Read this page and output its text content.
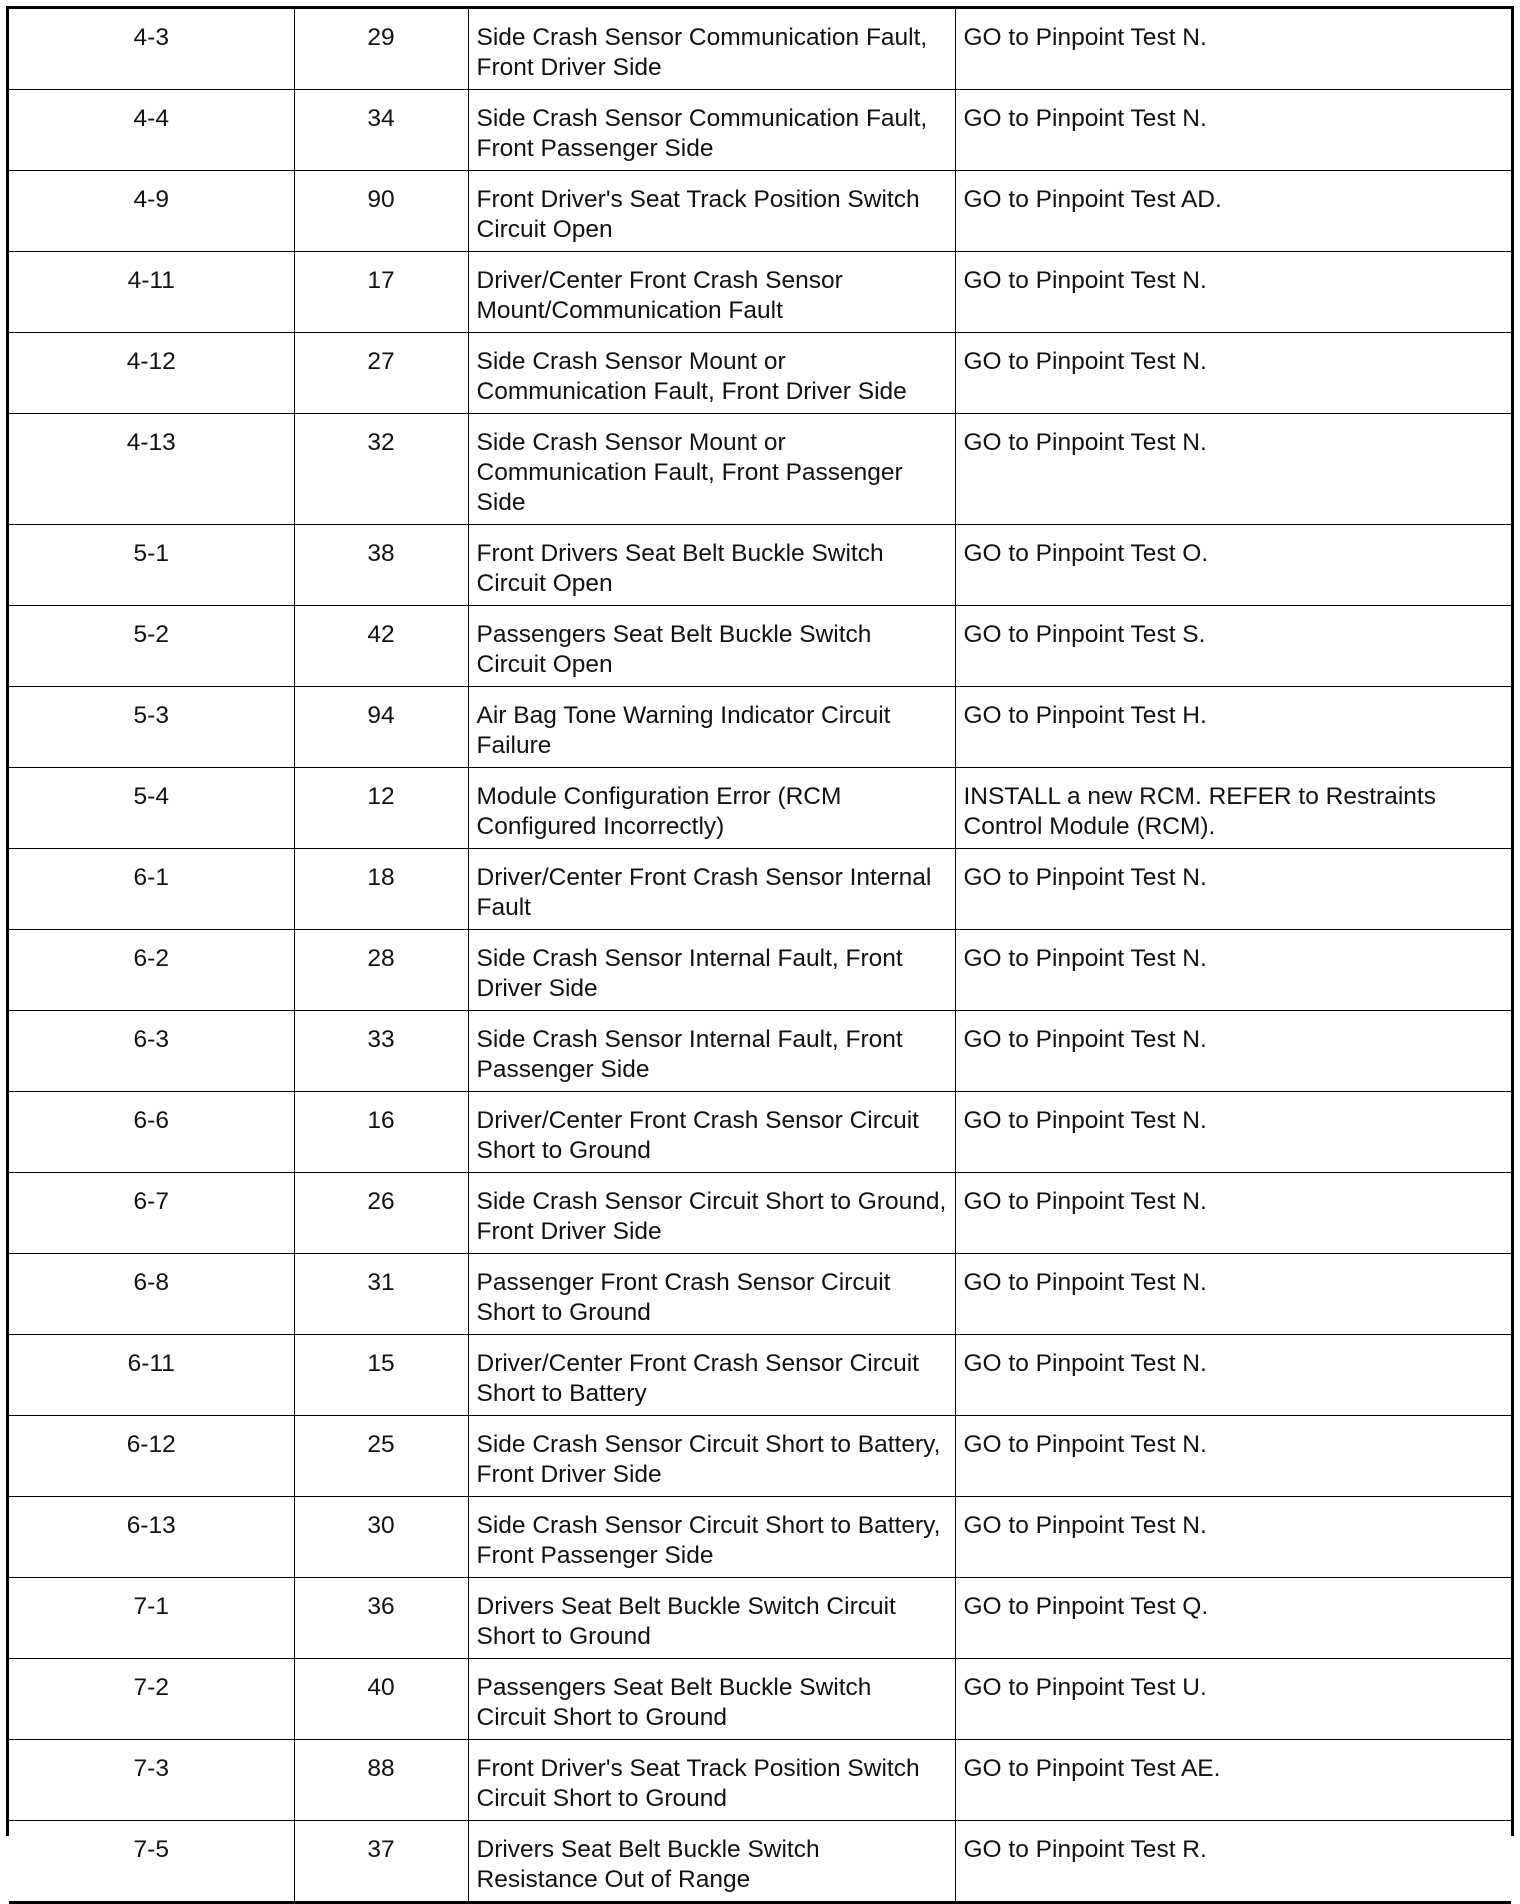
4-3	29	Side Crash Sensor Communication Fault, Front Driver Side	GO to Pinpoint Test N.
4-4	34	Side Crash Sensor Communication Fault, Front Passenger Side	GO to Pinpoint Test N.
4-9	90	Front Driver's Seat Track Position Switch Circuit Open	GO to Pinpoint Test AD.
4-11	17	Driver/Center Front Crash Sensor Mount/Communication Fault	GO to Pinpoint Test N.
4-12	27	Side Crash Sensor Mount or Communication Fault, Front Driver Side	GO to Pinpoint Test N.
4-13	32	Side Crash Sensor Mount or Communication Fault, Front Passenger Side	GO to Pinpoint Test N.
5-1	38	Front Drivers Seat Belt Buckle Switch Circuit Open	GO to Pinpoint Test O.
5-2	42	Passengers Seat Belt Buckle Switch Circuit Open	GO to Pinpoint Test S.
5-3	94	Air Bag Tone Warning Indicator Circuit Failure	GO to Pinpoint Test H.
5-4	12	Module Configuration Error (RCM Configured Incorrectly)	INSTALL a new RCM. REFER to Restraints Control Module (RCM).
6-1	18	Driver/Center Front Crash Sensor Internal Fault	GO to Pinpoint Test N.
6-2	28	Side Crash Sensor Internal Fault, Front Driver Side	GO to Pinpoint Test N.
6-3	33	Side Crash Sensor Internal Fault, Front Passenger Side	GO to Pinpoint Test N.
6-6	16	Driver/Center Front Crash Sensor Circuit Short to Ground	GO to Pinpoint Test N.
6-7	26	Side Crash Sensor Circuit Short to Ground, Front Driver Side	GO to Pinpoint Test N.
6-8	31	Passenger Front Crash Sensor Circuit Short to Ground	GO to Pinpoint Test N.
6-11	15	Driver/Center Front Crash Sensor Circuit Short to Battery	GO to Pinpoint Test N.
6-12	25	Side Crash Sensor Circuit Short to Battery, Front Driver Side	GO to Pinpoint Test N.
6-13	30	Side Crash Sensor Circuit Short to Battery, Front Passenger Side	GO to Pinpoint Test N.
7-1	36	Drivers Seat Belt Buckle Switch Circuit Short to Ground	GO to Pinpoint Test Q.
7-2	40	Passengers Seat Belt Buckle Switch Circuit Short to Ground	GO to Pinpoint Test U.
7-3	88	Front Driver's Seat Track Position Switch Circuit Short to Ground	GO to Pinpoint Test AE.
7-5	37	Drivers Seat Belt Buckle Switch Resistance Out of Range	GO to Pinpoint Test R.
